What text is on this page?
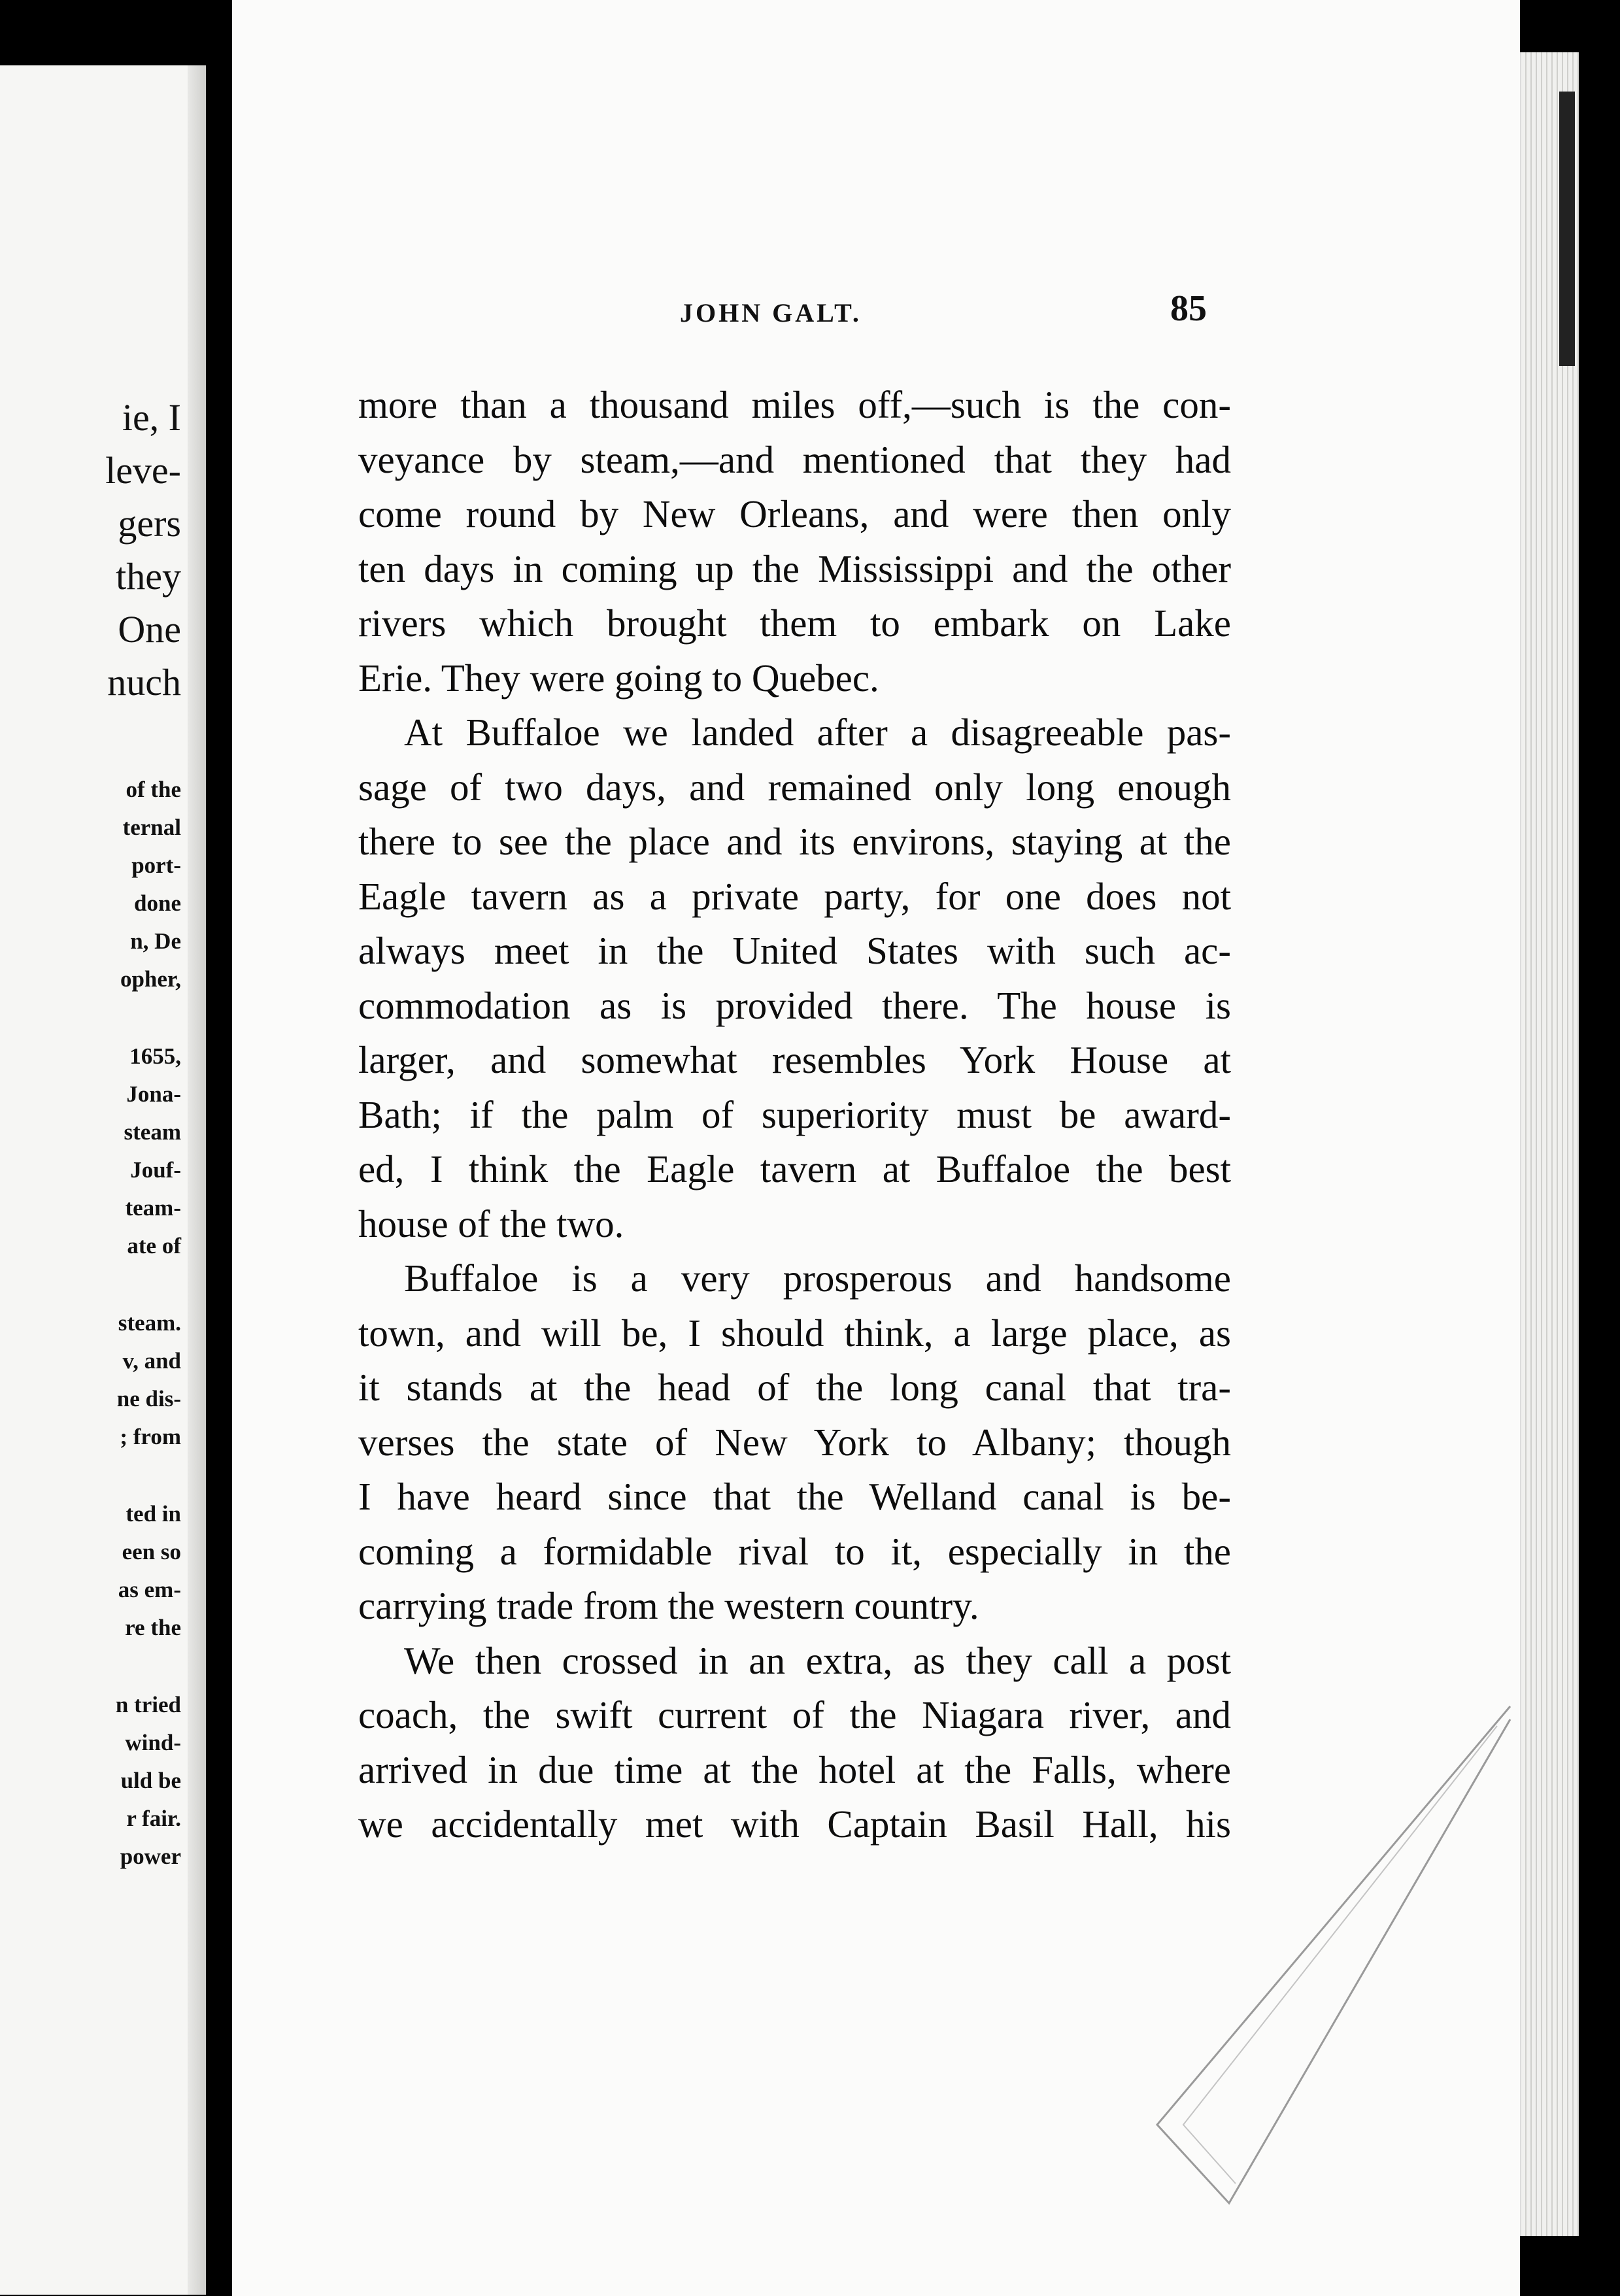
ie, I
leve-
gers
they
One
nuch
of the
ternal
port-
done
n, De
opher,
1655,
Jona-
steam
Jouf-
team-
ate of
steam.
v, and
ne dis-
; from
ted in
een so
as em-
re the
n tried
wind-
uld be
r fair.
power
JOHN GALT.	85
more than a thousand miles off,—such is the con-
veyance by steam,—and mentioned that they had
come round by New Orleans, and were then only
ten days in coming up the Mississippi and the other
rivers which brought them to embark on Lake
Erie. They were going to Quebec.
At Buffaloe we landed after a disagreeable pas-
sage of two days, and remained only long enough
there to see the place and its environs, staying at the
Eagle tavern as a private party, for one does not
always meet in the United States with such ac-
commodation as is provided there. The house is
larger, and somewhat resembles York House at
Bath; if the palm of superiority must be award-
ed, I think the Eagle tavern at Buffaloe the best
house of the two.
Buffaloe is a very prosperous and handsome
town, and will be, I should think, a large place, as
it stands at the head of the long canal that tra-
verses the state of New York to Albany; though
I have heard since that the Welland canal is be-
coming a formidable rival to it, especially in the
carrying trade from the western country.
We then crossed in an extra, as they call a post
coach, the swift current of the Niagara river, and
arrived in due time at the hotel at the Falls, where
we accidentally met with Captain Basil Hall, his
